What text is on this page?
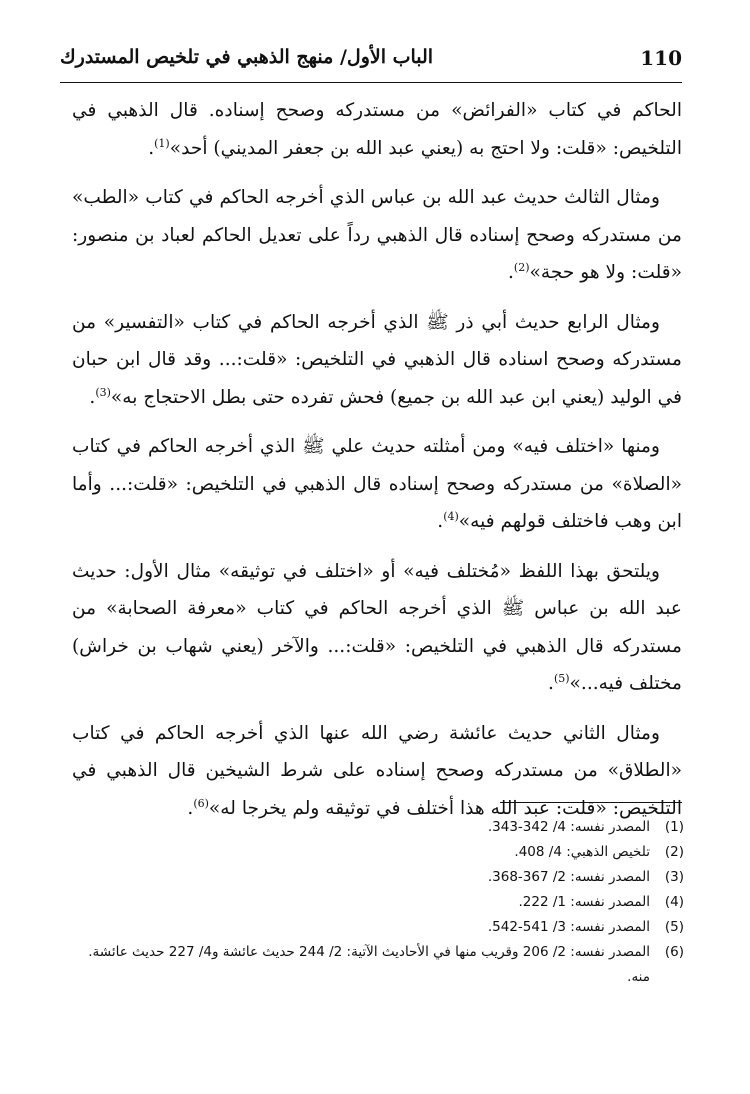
110
الباب الأول/ منهج الذهبي في تلخيص المستدرك

الحاكم في كتاب «الفرائض» من مستدركه وصحح إسناده. قال الذهبي في التلخيص: «قلت: ولا احتج به (يعني عبد الله بن جعفر المديني) أحد»$^{(1)}$.

ومثال الثالث حديث عبد الله بن عباس الذي أخرجه الحاكم في كتاب «الطب» من مستدركه وصحح إسناده قال الذهبي رداً على تعديل الحاكم لعباد بن منصور: «قلت: ولا هو حجة»$^{(2)}$.

ومثال الرابع حديث أبي ذر ﷺ الذي أخرجه الحاكم في كتاب «التفسير» من مستدركه وصحح اسناده قال الذهبي في التلخيص: «قلت:... وقد قال ابن حبان في الوليد (يعني ابن عبد الله بن جميع) فحش تفرده حتى بطل الاحتجاج به»$^{(3)}$.

ومنها «اختلف فيه» ومن أمثلته حديث علي ﷺ الذي أخرجه الحاكم في كتاب «الصلاة» من مستدركه وصحح إسناده قال الذهبي في التلخيص: «قلت:... وأما ابن وهب فاختلف قولهم فيه»$^{(4)}$.

ويلتحق بهذا اللفظ «مُختلف فيه» أو «اختلف في توثيقه» مثال الأول: حديث عبد الله بن عباس ﷺ الذي أخرجه الحاكم في كتاب «معرفة الصحابة» من مستدركه قال الذهبي في التلخيص: «قلت:... والآخر (يعني شهاب بن خراش) مختلف فيه...»$^{(5)}$.

ومثال الثاني حديث عائشة رضي الله عنها الذي أخرجه الحاكم في كتاب «الطلاق» من مستدركه وصحح إسناده على شرط الشيخين قال الذهبي في التلخيص: «قلت: عبد الله هذا أختلف في توثيقه ولم يخرجا له»$^{(6)}$.

(1)
المصدر نفسه: 4/ 342-343.
(2)
تلخيص الذهبي: 4/ 408.
(3)
المصدر نفسه: 2/ 367-368.
(4)
المصدر نفسه: 1/ 222.
(5)
المصدر نفسه: 3/ 541-542.
(6)
المصدر نفسه: 2/ 206 وقريب منها في الأحاديث الآتية: 2/ 244 حديث عائشة و4/ 227 حديث عائشة. منه.
